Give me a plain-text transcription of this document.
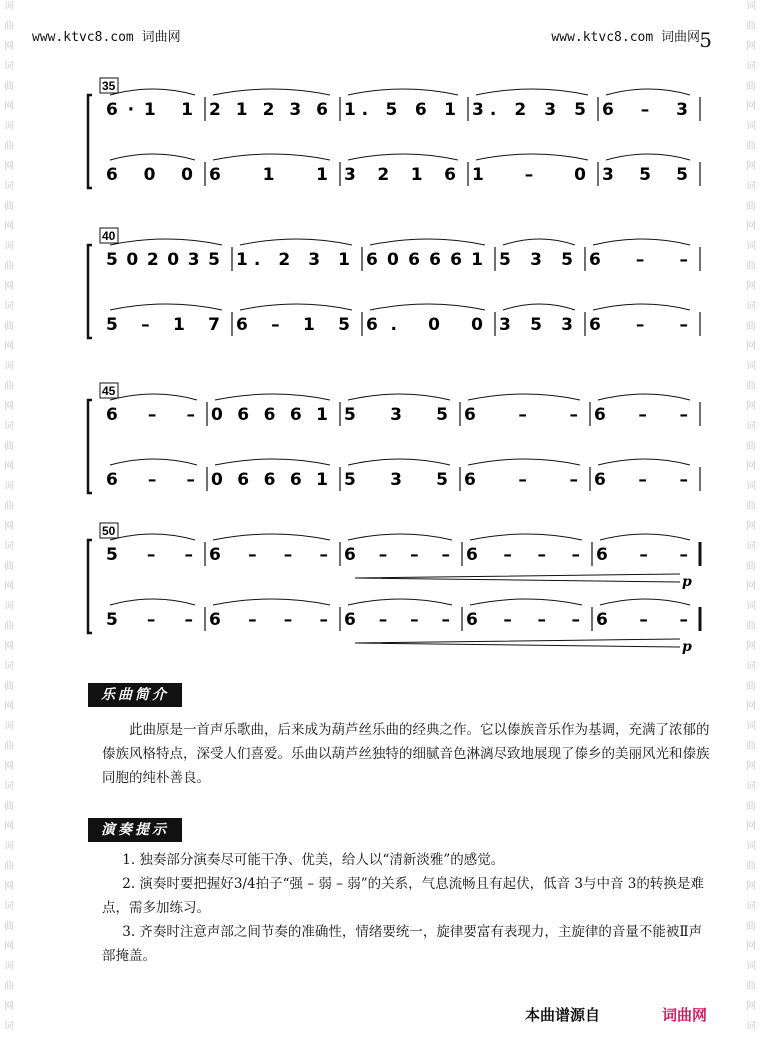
词
曲
网
词
曲
网
词
曲
网
词
曲
网
词
曲
网
词
曲
网
词
曲
网
词
曲
网
词
曲
网
词
曲
网
词
曲
网
词
曲
网
词
曲
网
词
曲
网
词
曲
网
词
曲
网
词
曲
网
词
词
曲
网
词
曲
网
词
曲
网
词
曲
网
词
曲
网
词
曲
网
词
曲
网
词
曲
网
词
曲
网
词
曲
网
词
曲
网
词
曲
网
词
曲
网
词
曲
网
词
曲
网
词
曲
网
词
曲
网
词
www.ktvc8.com 词曲网	www.ktvc8.com 词曲网 5
35
6·1 1 2 1 2 3 6 1. 5 6 1 3. 2 3 5 6 – 3
6 0 0 6 1 1 3 2 1 6 1 – 0 3 5 5
40
5 0 2 0 3 5 1. 2 3 1 6 0 6 6 6 1 5 3 5 6 – –
5 – 1 7 6 – 1 5 6. 0 0 3 5 3 6 – –
45
6 – – 0 6 6 6 1 5 3 5 6 – – 6 – –
6 – – 0 6 6 6 1 5 3 5 6 – – 6 – –
50
5 – – 6 – – – 6 – – – 6 – – – 6 – –
5 – – 6 – – – 6 – – – 6 – – – 6 – –
p
p
乐曲简介

此曲原是一首声乐歌曲，后来成为葫芦丝乐曲的经典之作。它以傣族音乐作为基调，充满了浓郁的傣族风格特点，深受人们喜爱。乐曲以葫芦丝独特的细腻音色淋漓尽致地展现了傣乡的美丽风光和傣族同胞的纯朴善良。

演奏提示
1. 独奏部分演奏尽可能干净、优美，给人以“清新淡雅”的感觉。
2. 演奏时要把握好3/4拍子“强 – 弱 – 弱”的关系，气息流畅且有起伏，低音 3与中音 3的转换是难点，需多加练习。
3. 齐奏时注意声部之间节奏的准确性，情绪要统一，旋律要富有表现力，主旋律的音量不能被Ⅱ声部掩盖。
本曲谱源自	词曲网
